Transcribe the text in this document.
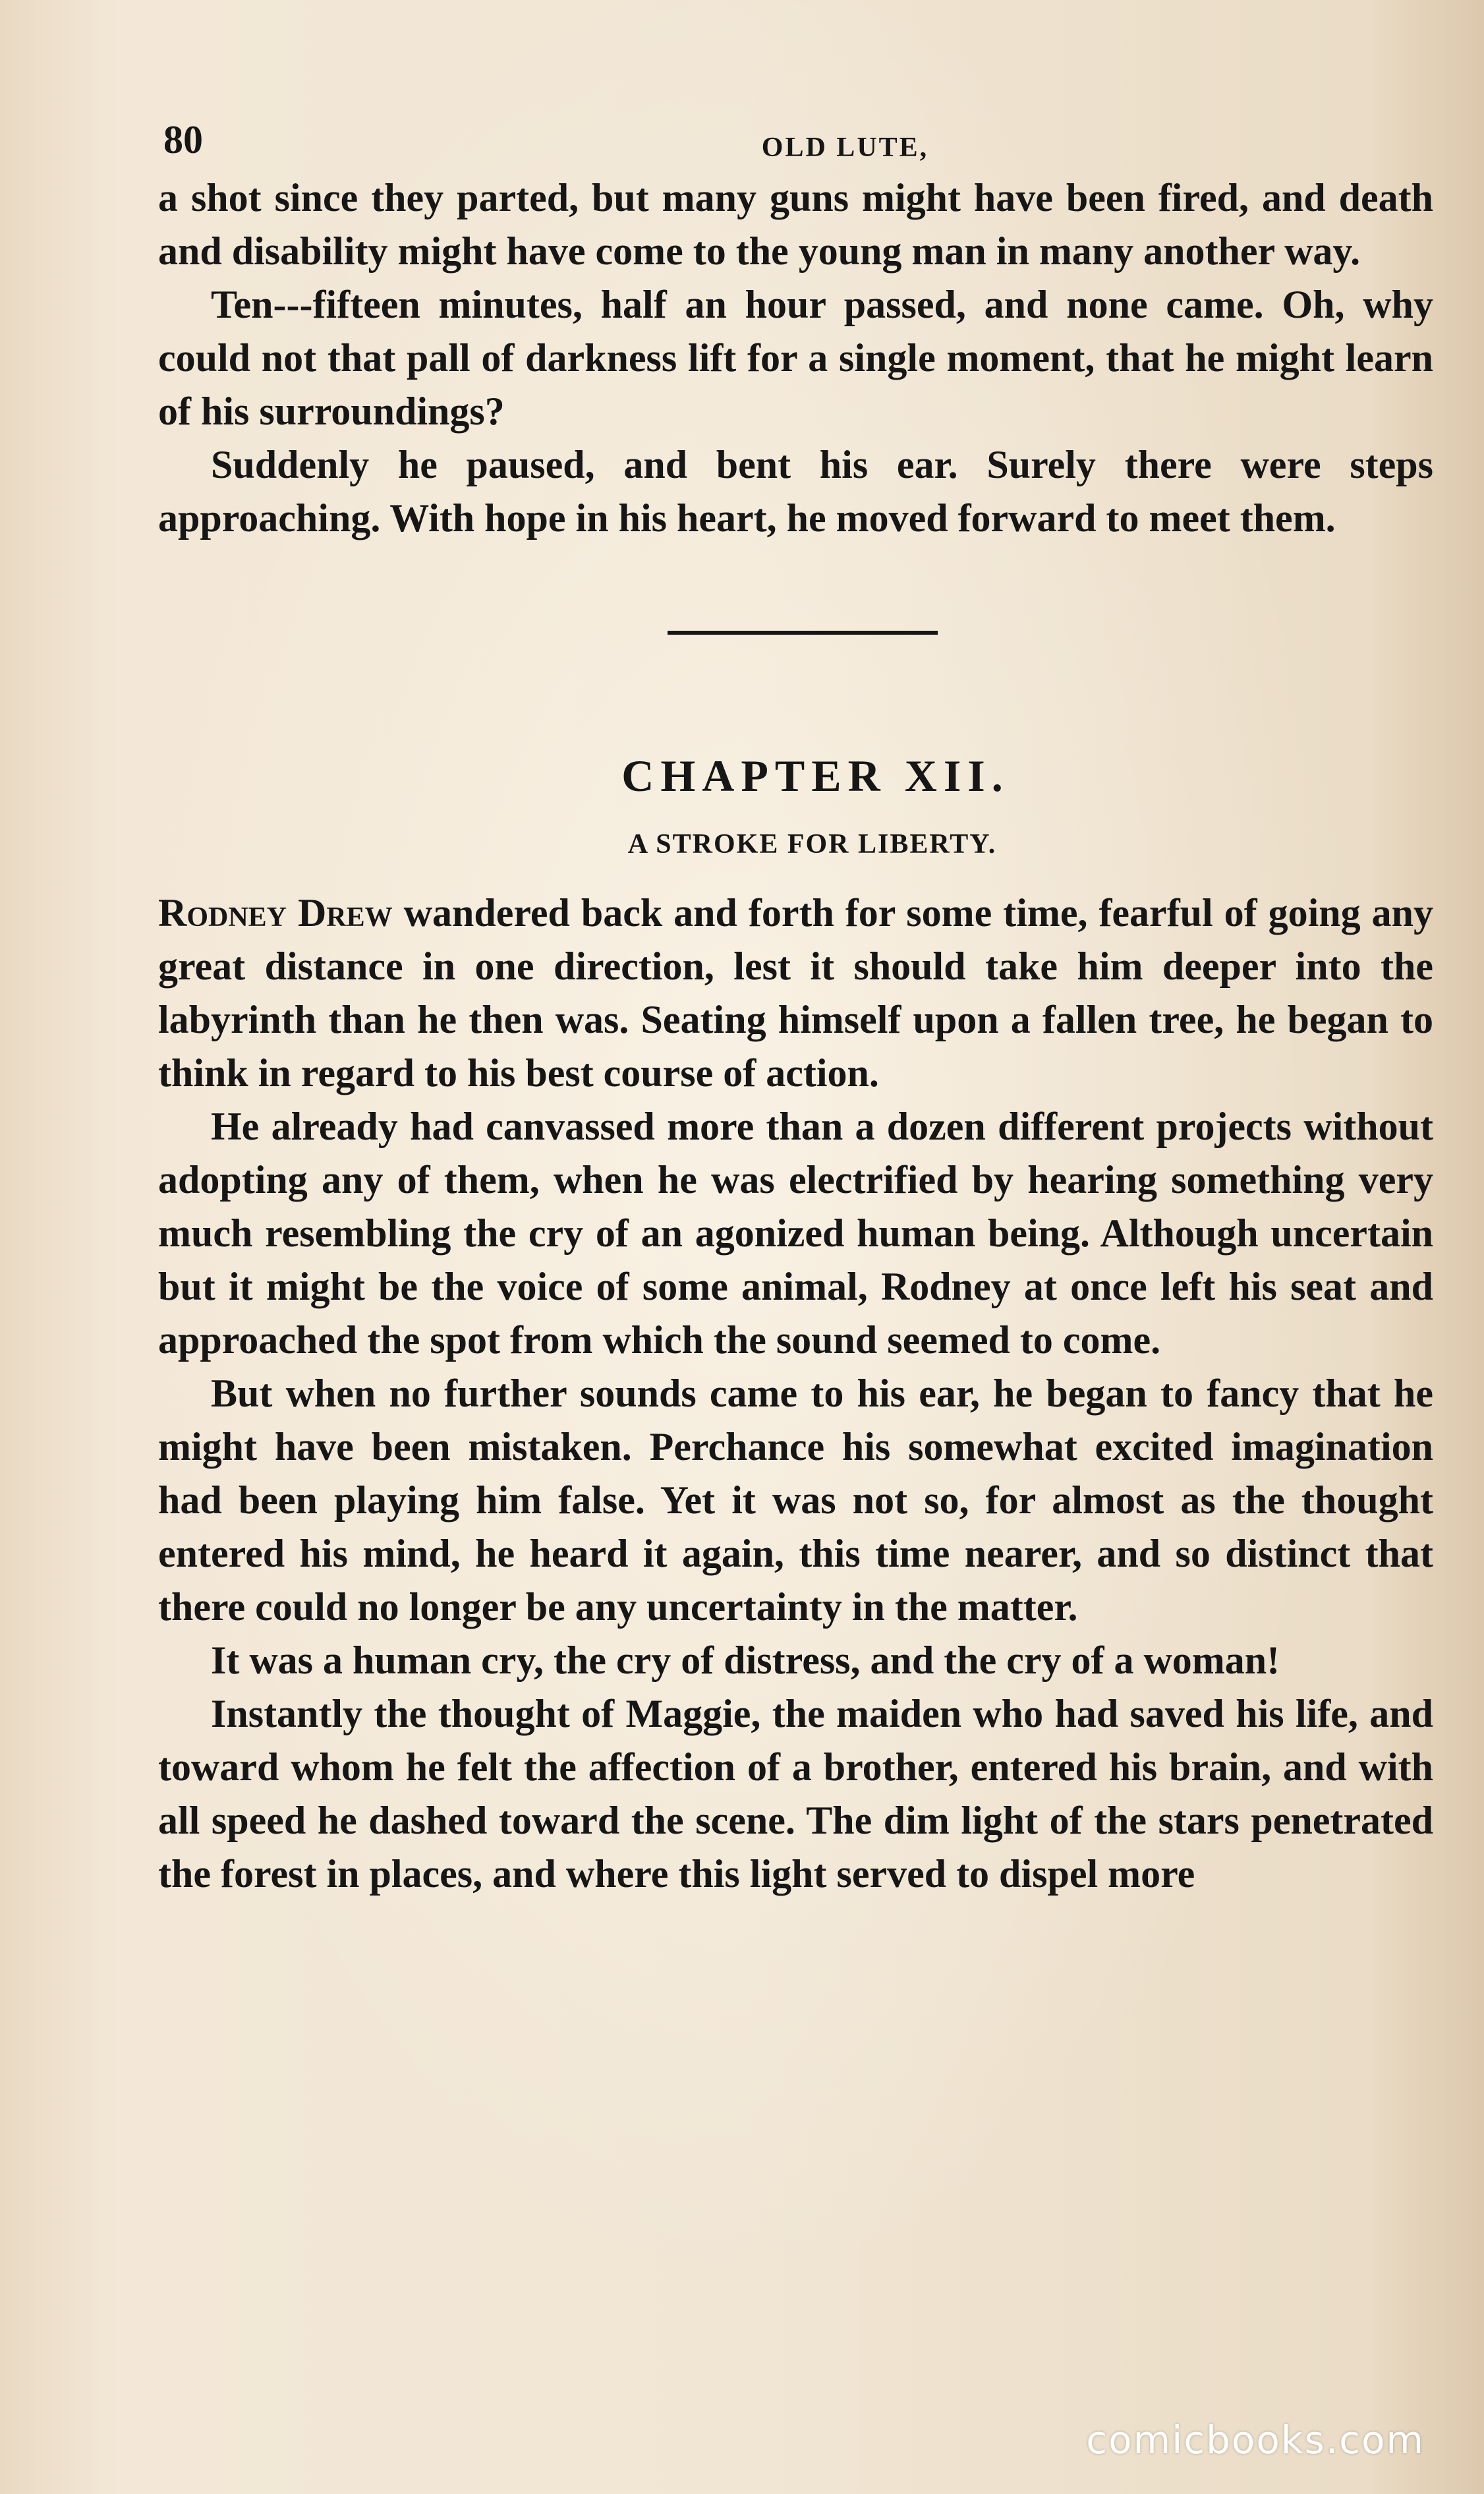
80	OLD LUTE,

a shot since they parted, but many guns might have been fired, and death and disability might have come to the young man in many another way.

Ten---fifteen minutes, half an hour passed, and none came. Oh, why could not that pall of darkness lift for a single moment, that he might learn of his surroundings?

Suddenly he paused, and bent his ear. Surely there were steps approaching. With hope in his heart, he moved forward to meet them.

CHAPTER XII.
A STROKE FOR LIBERTY.

Rodney Drew wandered back and forth for some time, fearful of going any great distance in one direction, lest it should take him deeper into the labyrinth than he then was. Seating himself upon a fallen tree, he began to think in regard to his best course of action.

He already had canvassed more than a dozen different projects without adopting any of them, when he was electrified by hearing something very much resembling the cry of an agonized human being. Although uncertain but it might be the voice of some animal, Rodney at once left his seat and approached the spot from which the sound seemed to come.

But when no further sounds came to his ear, he began to fancy that he might have been mistaken. Perchance his somewhat excited imagination had been playing him false. Yet it was not so, for almost as the thought entered his mind, he heard it again, this time nearer, and so distinct that there could no longer be any uncertainty in the matter.

It was a human cry, the cry of distress, and the cry of a woman!

Instantly the thought of Maggie, the maiden who had saved his life, and toward whom he felt the affection of a brother, entered his brain, and with all speed he dashed toward the scene. The dim light of the stars penetrated the forest in places, and where this light served to dispel more

comicbooks.com
